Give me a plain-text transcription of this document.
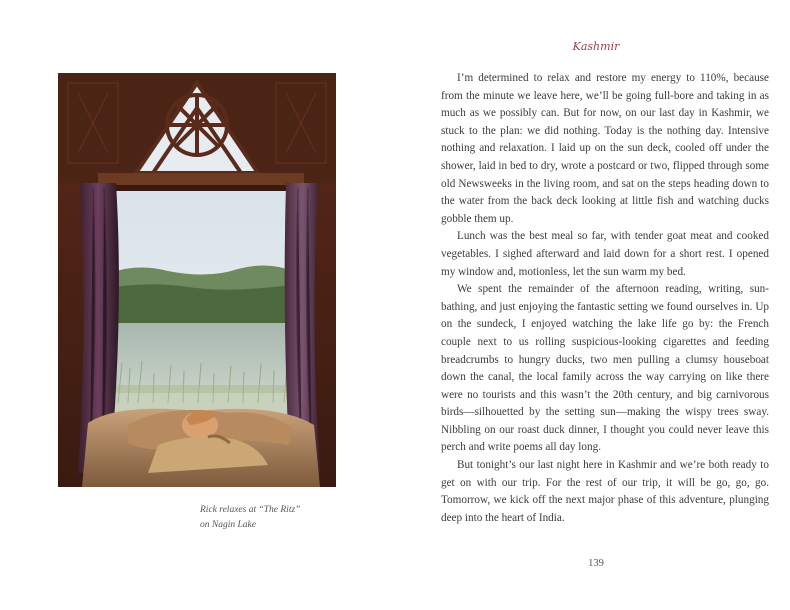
Rick relaxes at “The Ritz”
on Nagin Lake
Kashmir

I’m determined to relax and restore my energy to 110%, because from the minute we leave here, we’ll be going full-bore and taking in as much as we possibly can. But for now, on our last day in Kashmir, we stuck to the plan: we did nothing. Today is the nothing day. Intensive nothing and relaxation. I laid up on the sun deck, cooled off under the shower, laid in bed to dry, wrote a postcard or two, flipped through some old Newsweeks in the living room, and sat on the steps heading down to the water from the back deck looking at little fish and watching ducks gobble them up.

Lunch was the best meal so far, with tender goat meat and cooked vegetables. I sighed afterward and laid down for a short rest. I opened my window and, motionless, let the sun warm my bed.

We spent the remainder of the afternoon reading, writing, sun-bathing, and just enjoying the fantastic setting we found ourselves in. Up on the sundeck, I enjoyed watching the lake life go by: the French couple next to us rolling suspicious-looking cigarettes and feeding breadcrumbs to hungry ducks, two men pulling a clumsy houseboat down the canal, the local family across the way carrying on like there were no tourists and this wasn’t the 20th century, and big carnivorous birds—silhouetted by the setting sun—making the wispy trees sway. Nibbling on our roast duck dinner, I thought you could never leave this perch and write poems all day long.

But tonight’s our last night here in Kashmir and we’re both ready to get on with our trip. For the rest of our trip, it will be go, go, go. Tomorrow, we kick off the next major phase of this adventure, plunging deep into the heart of India.

139
